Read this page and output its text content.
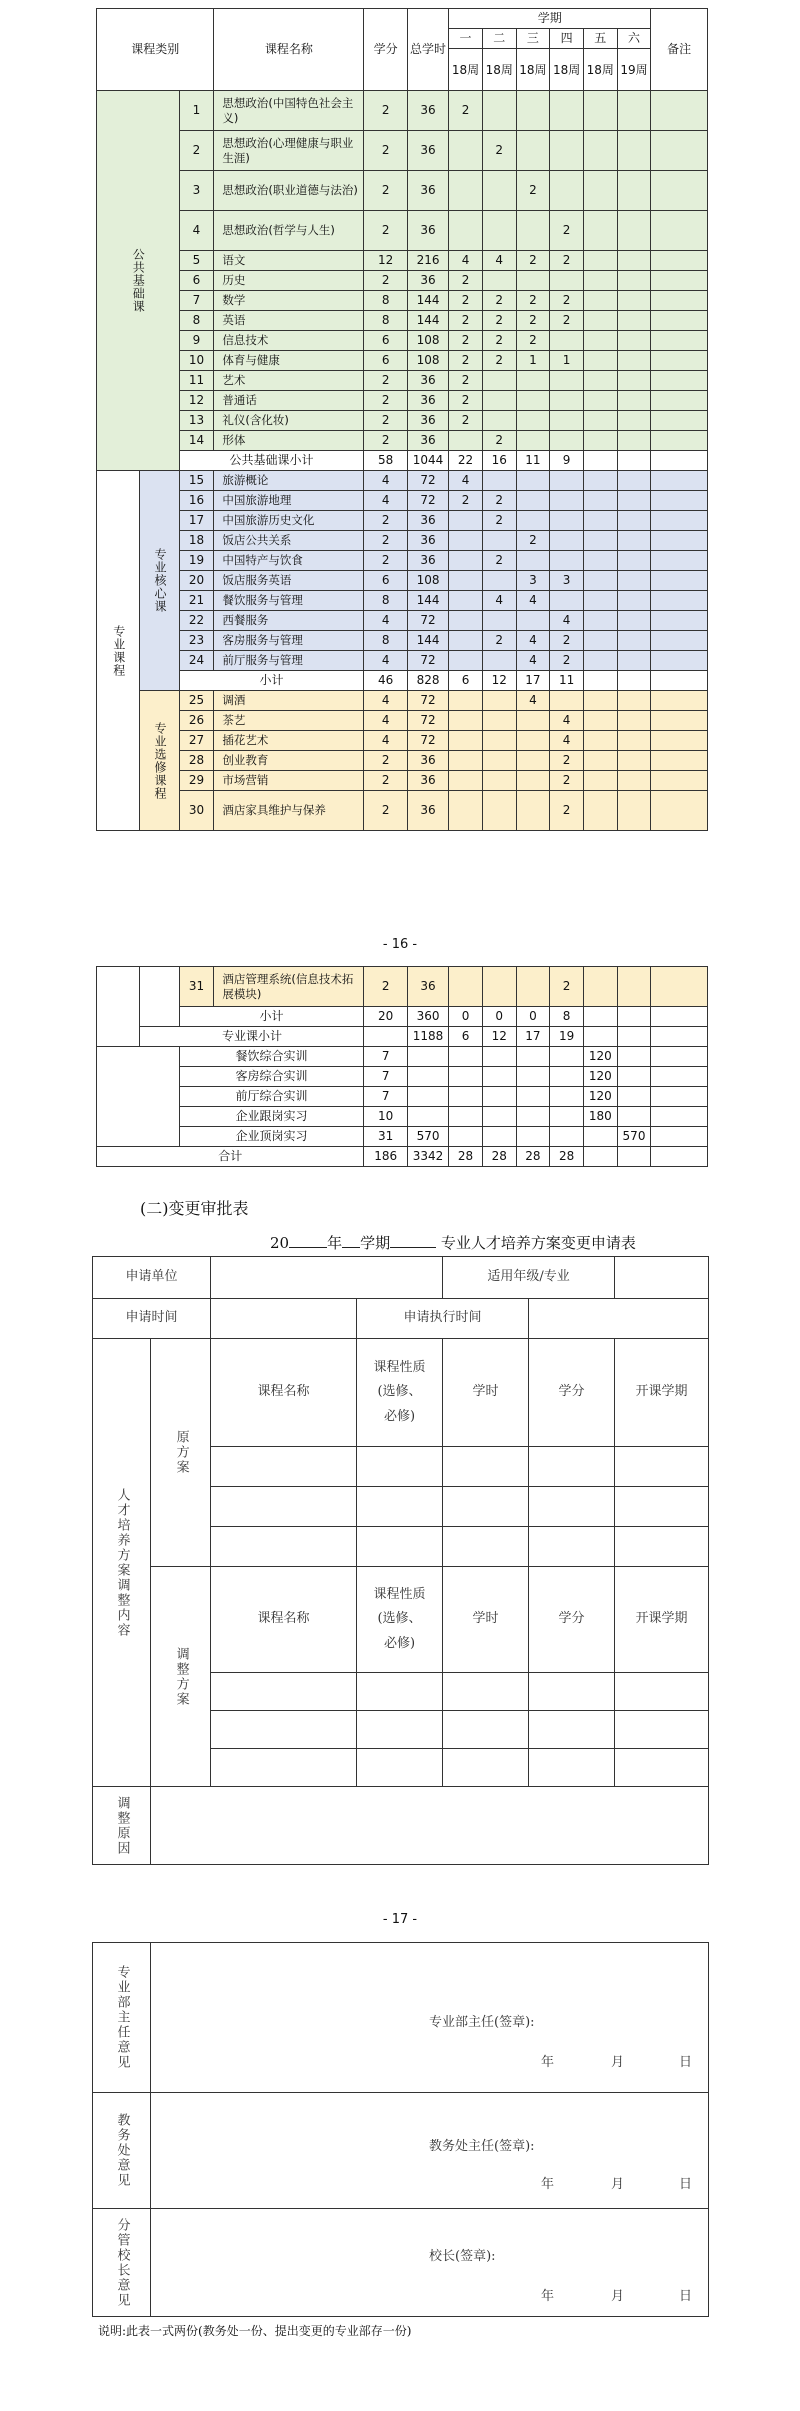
课程类别			课程名称	学分	总学时	学期						备注
						一	二	三	四	五	六	
						18周	18周	18周	18周	18周	19周	

公共基础课		1	思想政治(中国特色社会主义)	2	36	2						
		2	思想政治(心理健康与职业生涯)	2	36		2					
		3	思想政治(职业道德与法治)	2	36			2				
		4	思想政治(哲学与人生)	2	36				2			
		5	语文	12	216	4	4	2	2			
		6	历史	2	36	2						
		7	数学	8	144	2	2	2	2			
		8	英语	8	144	2	2	2	2			
		9	信息技术	6	108	2	2	2				
		10	体育与健康	6	108	2	2	1	1			
		11	艺术	2	36	2						
		12	普通话	2	36	2						
		13	礼仪(含化妆)	2	36	2						
		14	形体	2	36		2					
		公共基础课小计		58	1044	22	16	11	9			

专业课程	专业核心课	15	旅游概论	4	72	4						
		16	中国旅游地理	4	72	2	2					
		17	中国旅游历史文化	2	36		2					
		18	饭店公共关系	2	36			2				
		19	中国特产与饮食	2	36		2					
		20	饭店服务英语	6	108			3	3			
		21	餐饮服务与管理	8	144		4	4				
		22	西餐服务	4	72				4			
		23	客房服务与管理	8	144		2	4	2			
		24	前厅服务与管理	4	72			4	2			
		小计		46	828	6	12	17	11			

	专业选修课程	25	调酒	4	72			4				
		26	茶艺	4	72				4			
		27	插花艺术	4	72				4			
		28	创业教育	2	36				2			
		29	市场营销	2	36				2			
		30	酒店家具维护与保养	2	36				2			
- 16 -
		31	酒店管理系统(信息技术拓展模块)	2	36				2			
		小计		20	360	0	0	0	8			
	专业课小计				1188	6	12	17	19			
		餐饮综合实训		7						120		
		客房综合实训		7						120		
		前厅综合实训		7						120		
		企业跟岗实习		10						180		
		企业顶岗实习		31	570						570	
合计				186	3342	28	28	28	28			
(二)变更审批表
20	年 学期	专业人才培养方案变更申请表
申请单位				适用年级/专业		
申请时间			申请执行时间			

人才培养方案调整内容	原方案	课程名称	课程性质
(选修、
必修)	学时	学分	开课学期

	调整方案	课程名称	课程性质
(选修、
必修)	学时	学分	开课学期

调整原因						

- 17 -
专业部主任意见	专业部主任(签章):
年 月 日

教务处意见	教务处主任(签章):
年 月 日

分管校长意见	校长(签章):
年 月 日
说明:此表一式两份(教务处一份、提出变更的专业部存一份)
